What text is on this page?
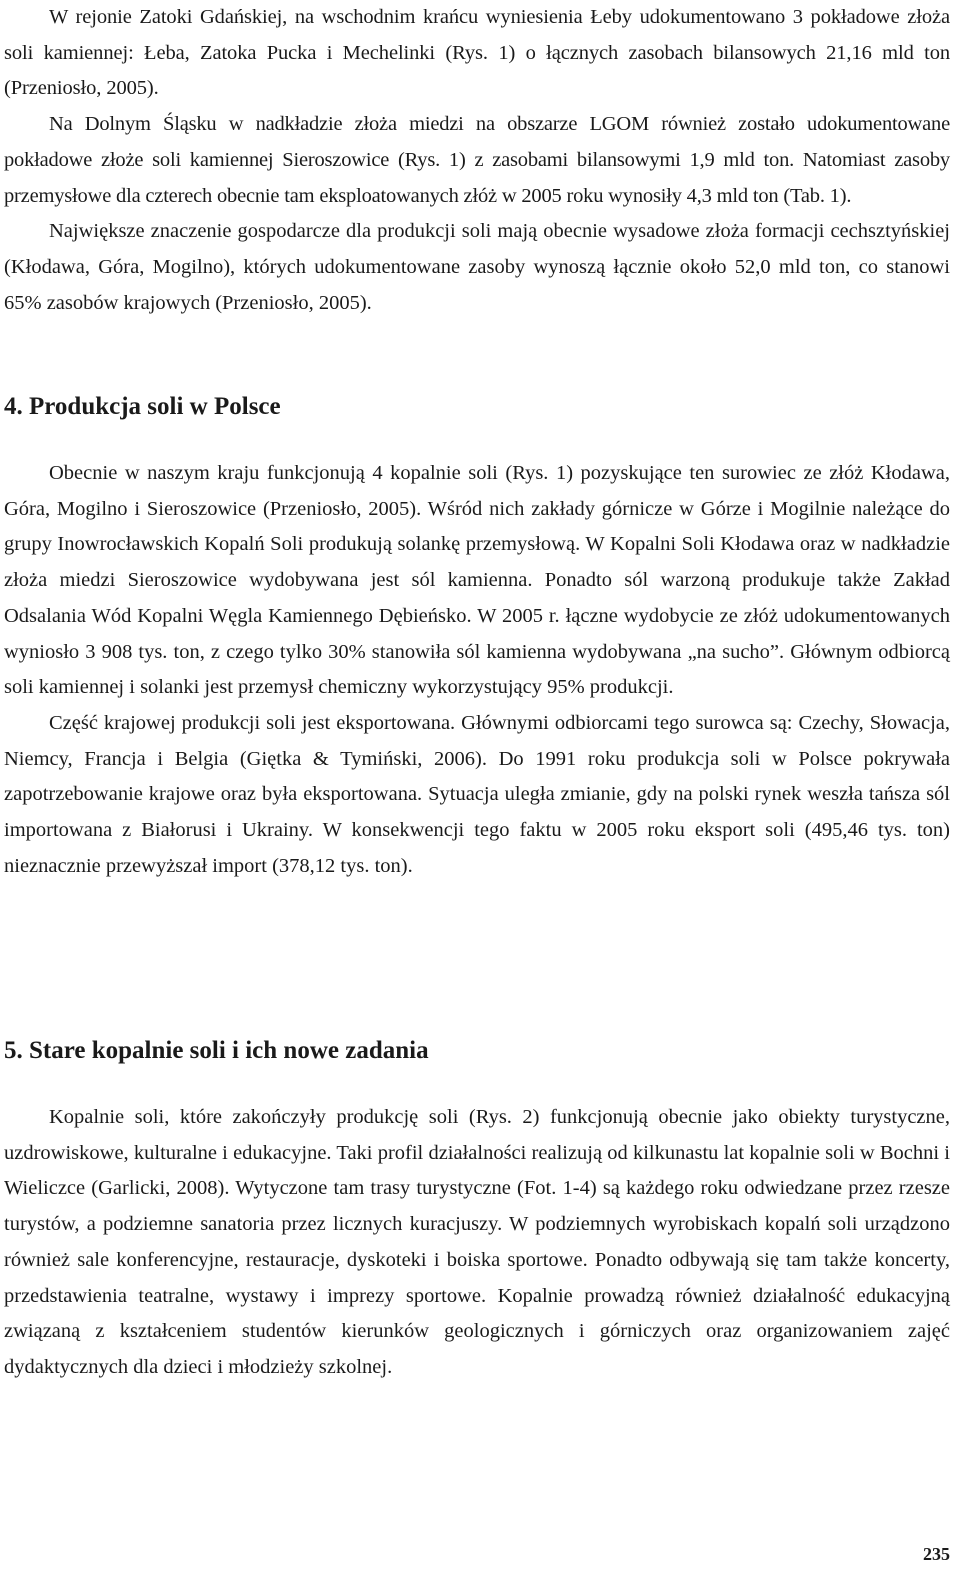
W rejonie Zatoki Gdańskiej, na wschodnim krańcu wyniesienia Łeby udokumentowano 3 pokładowe złoża soli kamiennej: Łeba, Zatoka Pucka i Mechelinki (Rys. 1) o łącznych zasobach bilansowych 21,16 mld ton (Przeniosło, 2005).

Na Dolnym Śląsku w nadkładzie złoża miedzi na obszarze LGOM również zostało udokumentowane pokładowe złoże soli kamiennej Sieroszowice (Rys. 1) z zasobami bilansowymi 1,9 mld ton. Natomiast zasoby przemysłowe dla czterech obecnie tam eksploatowanych złóż w 2005 roku wynosiły 4,3 mld ton (Tab. 1).

Największe znaczenie gospodarcze dla produkcji soli mają obecnie wysadowe złoża formacji cechsztyńskiej (Kłodawa, Góra, Mogilno), których udokumentowane zasoby wynoszą łącznie około 52,0 mld ton, co stanowi 65% zasobów krajowych (Przeniosło, 2005).

4. Produkcja soli w Polsce

Obecnie w naszym kraju funkcjonują 4 kopalnie soli (Rys. 1) pozyskujące ten surowiec ze złóż Kłodawa, Góra, Mogilno i Sieroszowice (Przeniosło, 2005). Wśród nich zakłady górnicze w Górze i Mogilnie należące do grupy Inowrocławskich Kopalń Soli produkują solankę przemysłową. W Kopalni Soli Kłodawa oraz w nadkładzie złoża miedzi Sieroszowice wydobywana jest sól kamienna. Ponadto sól warzoną produkuje także Zakład Odsalania Wód Kopalni Węgla Kamiennego Dębieńsko. W 2005 r. łączne wydobycie ze złóż udokumentowanych wyniosło 3 908 tys. ton, z czego tylko 30% stanowiła sól kamienna wydobywana „na sucho”. Głównym odbiorcą soli kamiennej i solanki jest przemysł chemiczny wykorzystujący 95% produkcji.

Część krajowej produkcji soli jest eksportowana. Głównymi odbiorcami tego surowca są: Czechy, Słowacja, Niemcy, Francja i Belgia (Giętka & Tymiński, 2006). Do 1991 roku produkcja soli w Polsce pokrywała zapotrzebowanie krajowe oraz była eksportowana. Sytuacja uległa zmianie, gdy na polski rynek weszła tańsza sól importowana z Białorusi i Ukrainy. W konsekwencji tego faktu w 2005 roku eksport soli (495,46 tys. ton) nieznacznie przewyższał import (378,12 tys. ton).

5. Stare kopalnie soli i ich nowe zadania

Kopalnie soli, które zakończyły produkcję soli (Rys. 2) funkcjonują obecnie jako obiekty turystyczne, uzdrowiskowe, kulturalne i edukacyjne. Taki profil działalności realizują od kilkunastu lat kopalnie soli w Bochni i Wieliczce (Garlicki, 2008). Wytyczone tam trasy turystyczne (Fot. 1-4) są każdego roku odwiedzane przez rzesze turystów, a podziemne sanatoria przez licznych kuracjuszy. W podziemnych wyrobiskach kopalń soli urządzono również sale konferencyjne, restauracje, dyskoteki i boiska sportowe. Ponadto odbywają się tam także koncerty, przedstawienia teatralne, wystawy i imprezy sportowe. Kopalnie prowadzą również działalność edukacyjną związaną z kształceniem studentów kierunków geologicznych i górniczych oraz organizowaniem zajęć dydaktycznych dla dzieci i młodzieży szkolnej.

235
